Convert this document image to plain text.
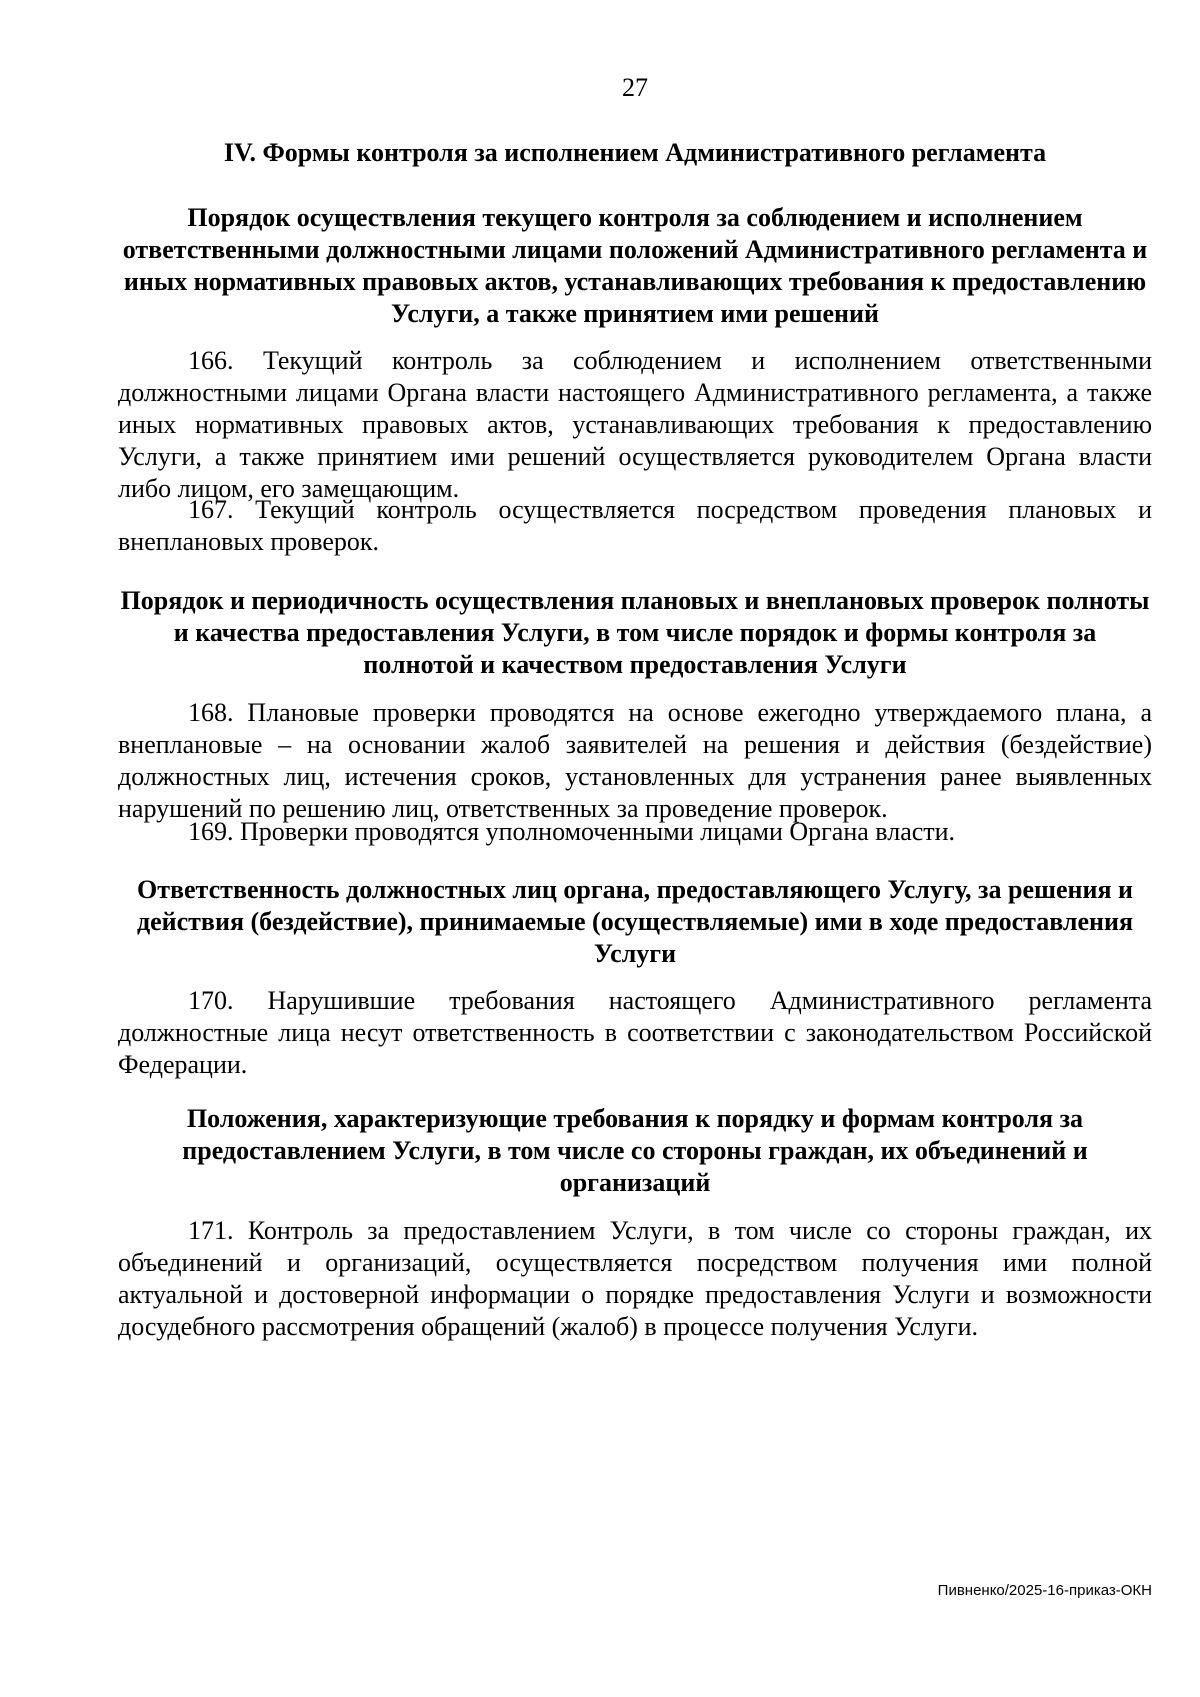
27
IV. Формы контроля за исполнением Административного регламента
Порядок осуществления текущего контроля за соблюдением и исполнением ответственными должностными лицами положений Административного регламента и иных нормативных правовых актов, устанавливающих требования к предоставлению Услуги, а также принятием ими решений

166. Текущий контроль за соблюдением и исполнением ответственными должностными лицами Органа власти настоящего Административного регламента, а также иных нормативных правовых актов, устанавливающих требования к предоставлению Услуги, а также принятием ими решений осуществляется руководителем Органа власти либо лицом, его замещающим.

167. Текущий контроль осуществляется посредством проведения плановых и внеплановых проверок.

Порядок и периодичность осуществления плановых и внеплановых проверок полноты и качества предоставления Услуги, в том числе порядок и формы контроля за полнотой и качеством предоставления Услуги

168. Плановые проверки проводятся на основе ежегодно утверждаемого плана, а внеплановые – на основании жалоб заявителей на решения и действия (бездействие) должностных лиц, истечения сроков, установленных для устранения ранее выявленных нарушений по решению лиц, ответственных за проведение проверок.

169. Проверки проводятся уполномоченными лицами Органа власти.

Ответственность должностных лиц органа, предоставляющего Услугу, за решения и действия (бездействие), принимаемые (осуществляемые) ими в ходе предоставления Услуги

170. Нарушившие требования настоящего Административного регламента должностные лица несут ответственность в соответствии с законодательством Российской Федерации.

Положения, характеризующие требования к порядку и формам контроля за предоставлением Услуги, в том числе со стороны граждан, их объединений и организаций

171. Контроль за предоставлением Услуги, в том числе со стороны граждан, их объединений и организаций, осуществляется посредством получения ими полной актуальной и достоверной информации о порядке предоставления Услуги и возможности досудебного рассмотрения обращений (жалоб) в процессе получения Услуги.

Пивненко/2025-16-приказ-ОКН
